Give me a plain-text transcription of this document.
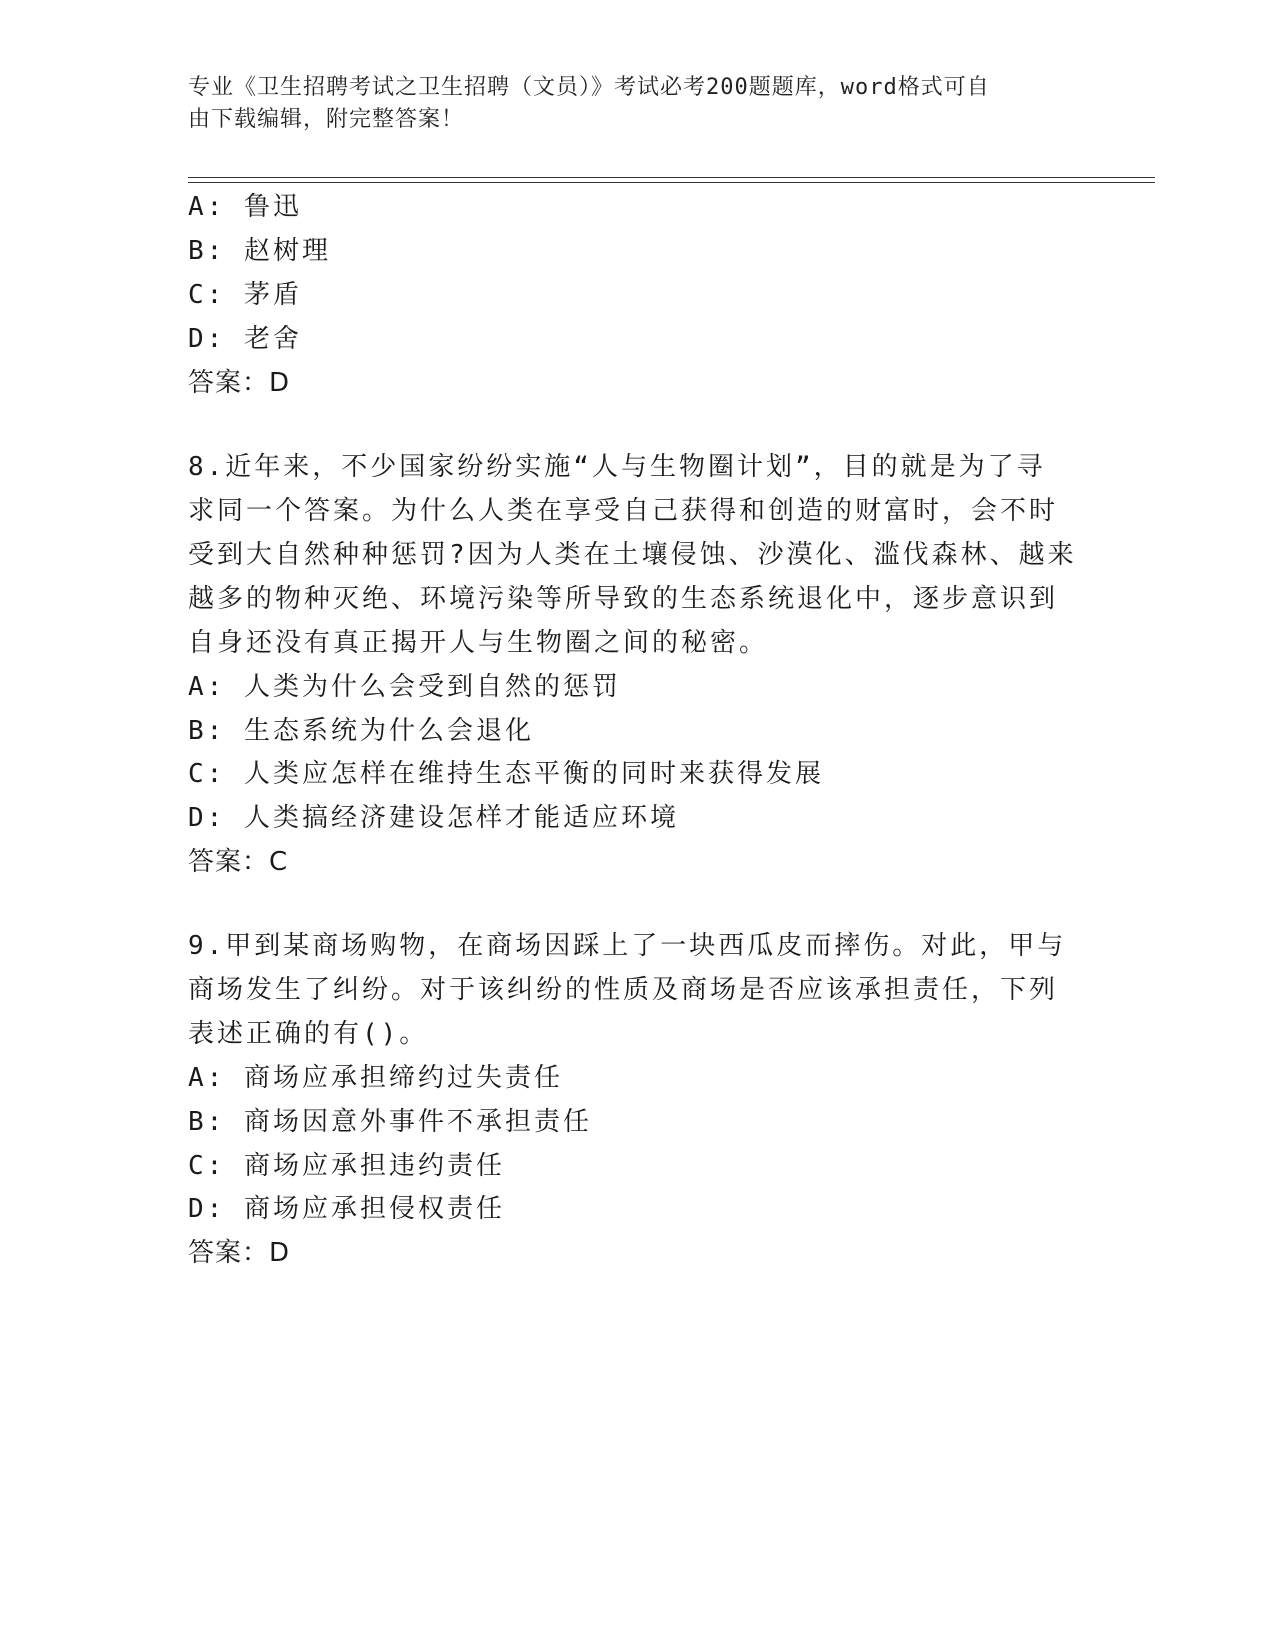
专业《卫生招聘考试之卫生招聘（文员）》考试必考200题题库，word格式可自
由下载编辑，附完整答案！
A: 鲁迅
B: 赵树理
C: 茅盾
D: 老舍
答案：D
8.近年来，不少国家纷纷实施“人与生物圈计划”，目的就是为了寻
求同一个答案。为什么人类在享受自己获得和创造的财富时，会不时
受到大自然种种惩罚?因为人类在土壤侵蚀、沙漠化、滥伐森林、越来
越多的物种灭绝、环境污染等所导致的生态系统退化中，逐步意识到
自身还没有真正揭开人与生物圈之间的秘密。
A: 人类为什么会受到自然的惩罚
B: 生态系统为什么会退化
C: 人类应怎样在维持生态平衡的同时来获得发展
D: 人类搞经济建设怎样才能适应环境
答案：C
9.甲到某商场购物，在商场因踩上了一块西瓜皮而摔伤。对此，甲与
商场发生了纠纷。对于该纠纷的性质及商场是否应该承担责任，下列
表述正确的有()。
A: 商场应承担缔约过失责任
B: 商场因意外事件不承担责任
C: 商场应承担违约责任
D: 商场应承担侵权责任
答案：D
